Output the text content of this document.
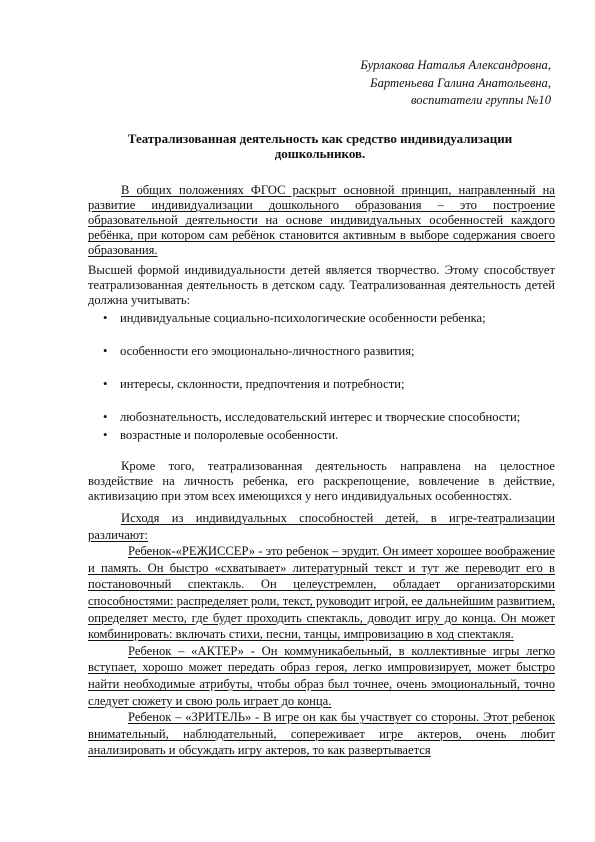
Бурлакова Наталья Александровна,
Бартеньева Галина Анатольевна,
воспитатели группы №10
Театрализованная деятельность как средство индивидуализации
дошкольников.

В общих положениях ФГОС раскрыт основной принцип, направленный на развитие индивидуализации дошкольного образования – это построение образовательной деятельности на основе индивидуальных особенностей каждого ребёнка, при котором сам ребёнок становится активным в выборе содержания своего образования.

Высшей формой индивидуальности детей является творчество. Этому способствует театрализованная деятельность в детском саду. Театрализованная деятельность детей должна учитывать:

• индивидуальные социально-психологические особенности ребенка;
• особенности его эмоционально-личностного развития;
• интересы, склонности, предпочтения и потребности;
• любознательность, исследовательский интерес и творческие способности;
• возрастные и полоролевые особенности.

Кроме того, театрализованная деятельность направлена на целостное воздействие на личность ребенка, его раскрепощение, вовлечение в действие, активизацию при этом всех имеющихся у него индивидуальных особенностях.

Исходя из индивидуальных способностей детей, в игре-театрализации различают:

Ребенок-«РЕЖИССЕР» - это ребенок – эрудит. Он имеет хорошее воображение и память. Он быстро «схватывает» литературный текст и тут же переводит его в постановочный спектакль. Он целеустремлен, обладает организаторскими способностями: распределяет роли, текст, руководит игрой, ее дальнейшим развитием, определяет место, где будет проходить спектакль, доводит игру до конца. Он может комбинировать: включать стихи, песни, танцы, импровизацию в ход спектакля.

Ребенок – «АКТЕР» - Он коммуникабельный, в коллективные игры легко вступает, хорошо может передать образ героя, легко импровизирует, может быстро найти необходимые атрибуты, чтобы образ был точнее, очень эмоциональный, точно следует сюжету и свою роль играет до конца.

Ребенок – «ЗРИТЕЛЬ» - В игре он как бы участвует со стороны. Этот ребенок внимательный, наблюдательный, сопереживает игре актеров, очень любит анализировать и обсуждать игру актеров, то как развертывается
